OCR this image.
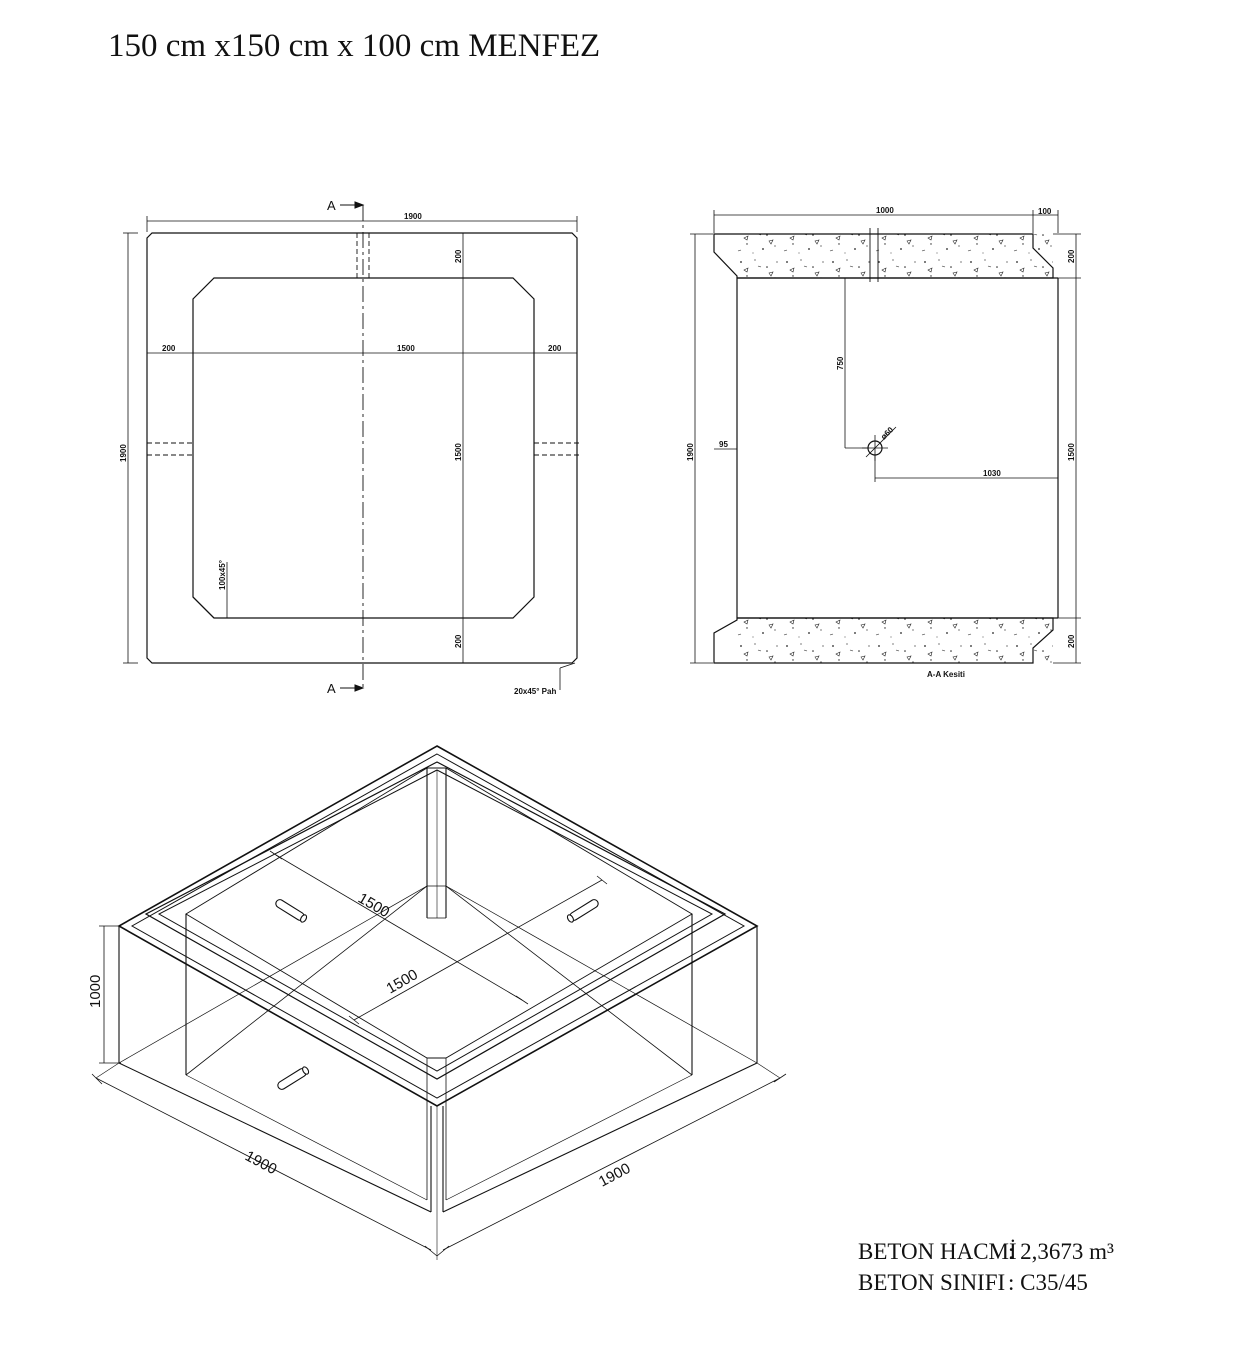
150 cm x150 cm x 100 cm MENFEZ
A
A
1900
1900
200	1500	200
200
1500
200
100x45°
20x45° Pah
1000	100
1900	1500
200
200
750
1030
ø60
95
A-A Kesiti
1500
1500
1000
1900	1900
BETON HACMİ
: 2,3673 m³
BETON SINIFI : C35/45
